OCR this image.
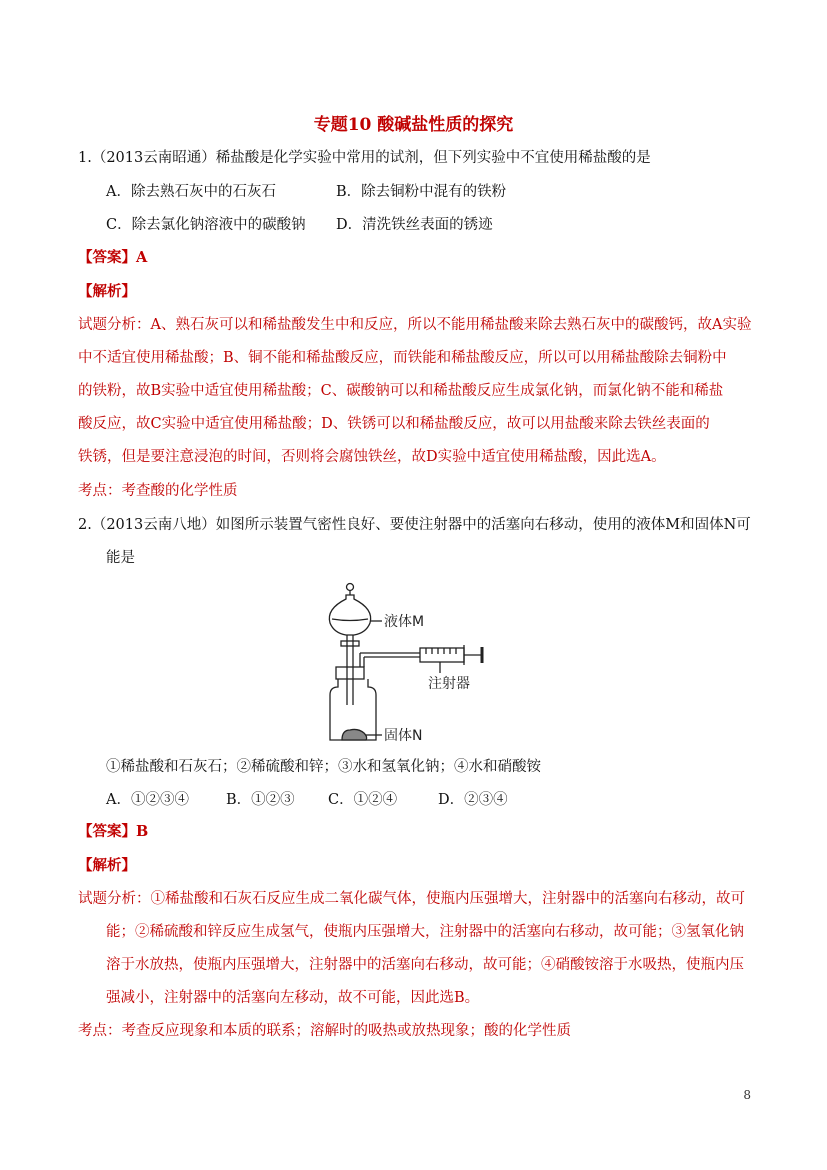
专题10 酸碱盐性质的探究
1.（2013云南昭通）稀盐酸是化学实验中常用的试剂，但下列实验中不宜使用稀盐酸的是
A．除去熟石灰中的石灰石	B．除去铜粉中混有的铁粉
C．除去氯化钠溶液中的碳酸钠 D．清洗铁丝表面的锈迹
【答案】A
【解析】
试题分析：A、熟石灰可以和稀盐酸发生中和反应，所以不能用稀盐酸来除去熟石灰中的碳酸钙，故A实验
中不适宜使用稀盐酸；B、铜不能和稀盐酸反应，而铁能和稀盐酸反应，所以可以用稀盐酸除去铜粉中
的铁粉，故B实验中适宜使用稀盐酸；C、碳酸钠可以和稀盐酸反应生成氯化钠，而氯化钠不能和稀盐
酸反应，故C实验中适宜使用稀盐酸；D、铁锈可以和稀盐酸反应，故可以用盐酸来除去铁丝表面的
铁锈，但是要注意浸泡的时间，否则将会腐蚀铁丝，故D实验中适宜使用稀盐酸，因此选A。
考点：考查酸的化学性质
2.（2013云南八地）如图所示装置气密性良好、要使注射器中的活塞向右移动，使用的液体M和固体N可
能是
液体M
注射器
固体N
①稀盐酸和石灰石；②稀硫酸和锌；③水和氢氧化钠；④水和硝酸铵
A．①②③④	B．①②③ C．①②④	D．②③④
【答案】B
【解析】
试题分析：①稀盐酸和石灰石反应生成二氧化碳气体，使瓶内压强增大，注射器中的活塞向右移动，故可
能；②稀硫酸和锌反应生成氢气，使瓶内压强增大，注射器中的活塞向右移动，故可能；③氢氧化钠
溶于水放热，使瓶内压强增大，注射器中的活塞向右移动，故可能；④硝酸铵溶于水吸热，使瓶内压
强减小，注射器中的活塞向左移动，故不可能，因此选B。
考点：考查反应现象和本质的联系；溶解时的吸热或放热现象；酸的化学性质
8
